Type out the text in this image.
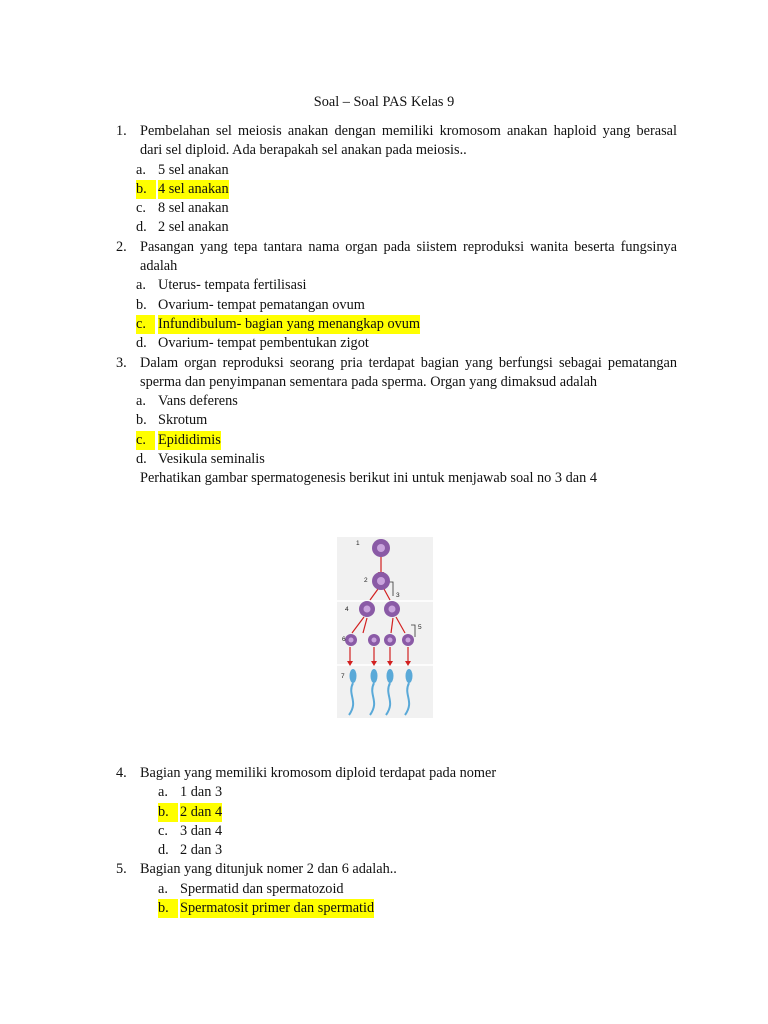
Soal – Soal PAS Kelas 9
1. Pembelahan sel meiosis anakan dengan memiliki kromosom anakan haploid yang berasal dari sel diploid. Ada berapakah sel anakan pada meiosis..
a. 5 sel anakan
b. 4 sel anakan
c. 8 sel anakan
d. 2 sel anakan
2. Pasangan yang tepa tantara nama organ pada siistem reproduksi wanita beserta fungsinya adalah
a. Uterus- tempata fertilisasi
b. Ovarium- tempat pematangan ovum
c. Infundibulum- bagian yang menangkap ovum
d. Ovarium- tempat pembentukan zigot
3. Dalam organ reproduksi seorang pria terdapat bagian yang berfungsi sebagai pematangan sperma dan penyimpanan sementara pada sperma. Organ yang dimaksud adalah
a. Vans deferens
b. Skrotum
c. Epididimis
d. Vesikula seminalis
Perhatikan gambar spermatogenesis berikut ini untuk menjawab soal no 3 dan 4
1
2
3
4
5
6
7
4. Bagian yang memiliki kromosom diploid terdapat pada nomer
a. 1 dan 3
b. 2 dan 4
c. 3 dan 4
d. 2 dan 3
5. Bagian yang ditunjuk nomer 2 dan 6 adalah..
a. Spermatid dan spermatozoid
b. Spermatosit primer dan spermatid
